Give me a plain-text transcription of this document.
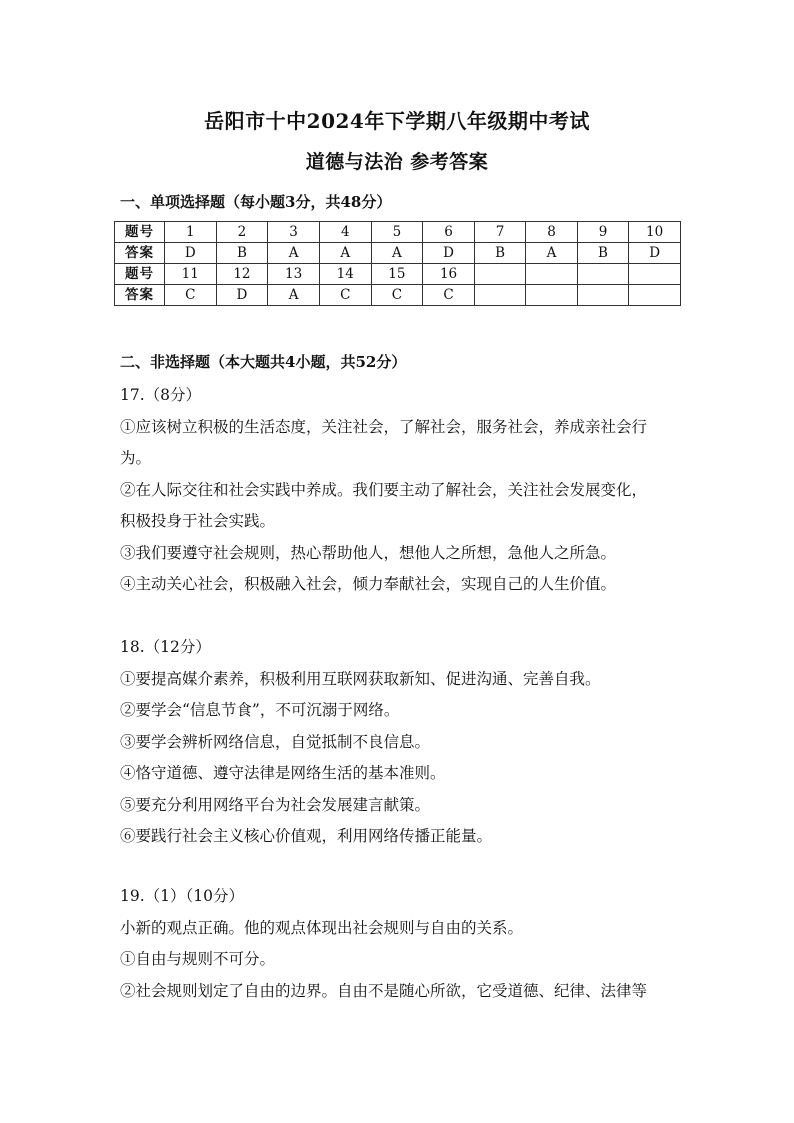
岳阳市十中2024年下学期八年级期中考试
道德与法治 参考答案
一、单项选择题（每小题3分，共48分）
题号	1	2	3	4	5	6	7	8	9	10
答案	D	B	A	A	A	D	B	A	B	D
题号	11	12	13	14	15	16				
答案	C	D	A	C	C	C				
二、非选择题（本大题共4小题，共52分）
17.（8分）
①应该树立积极的生活态度，关注社会，了解社会，服务社会，养成亲社会行
为。
②在人际交往和社会实践中养成。我们要主动了解社会，关注社会发展变化，
积极投身于社会实践。
③我们要遵守社会规则，热心帮助他人，想他人之所想，急他人之所急。
④主动关心社会，积极融入社会，倾力奉献社会，实现自己的人生价值。
18.（12分）
①要提高媒介素养，积极利用互联网获取新知、促进沟通、完善自我。
②要学会“信息节食”，不可沉溺于网络。
③要学会辨析网络信息，自觉抵制不良信息。
④恪守道德、遵守法律是网络生活的基本准则。
⑤要充分利用网络平台为社会发展建言献策。
⑥要践行社会主义核心价值观，利用网络传播正能量。
19.（1）（10分）
小新的观点正确。他的观点体现出社会规则与自由的关系。
①自由与规则不可分。
②社会规则划定了自由的边界。自由不是随心所欲，它受道德、纪律、法律等
